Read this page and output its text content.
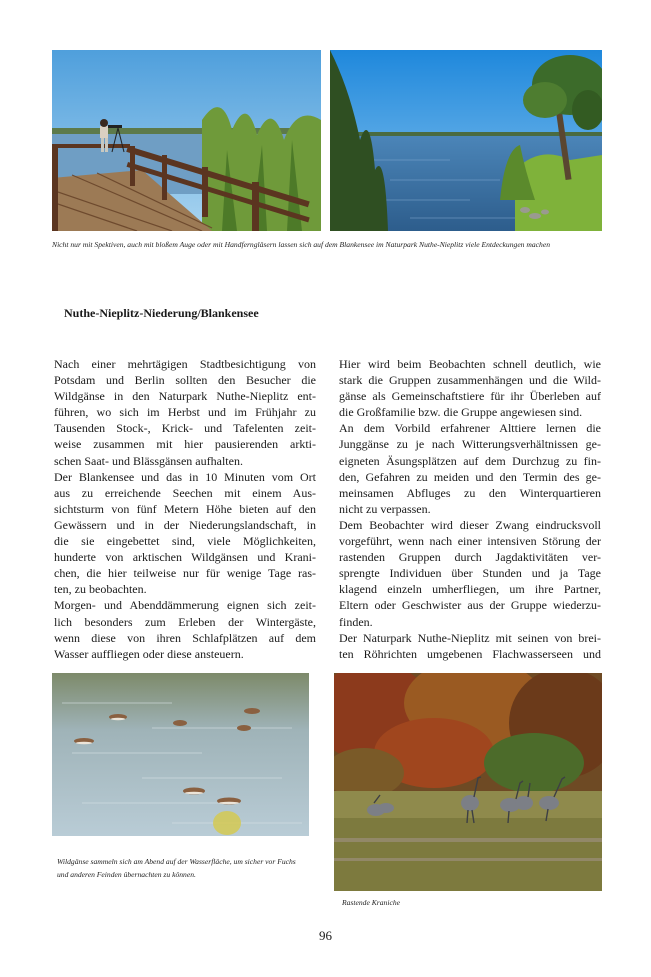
Nicht nur mit Spektiven, auch mit bloßem Auge oder mit Handferngläsern lassen sich auf dem Blankensee im Naturpark Nuthe-Nieplitz viele Entdeckungen machen
Nuthe-Nieplitz-Niederung/Blankensee

Nach einer mehrtägigen Stadtbesichtigung von

Potsdam und Berlin sollten den Besucher die

Wildgänse in den Naturpark Nuthe-Nieplitz ent-

führen, wo sich im Herbst und im Frühjahr zu

Tausenden Stock-, Krick- und Tafelenten zeit-

weise zusammen mit hier pausierenden arkti-

schen Saat- und Blässgänsen aufhalten.

Der Blankensee und das in 10 Minuten vom Ort

aus zu erreichende Seechen mit einem Aus-

sichtsturm von fünf Metern Höhe bieten auf den

Gewässern und in der Niederungslandschaft, in

die sie eingebettet sind, viele Möglichkeiten,

hunderte von arktischen Wildgänsen und Krani-

chen, die hier teilweise nur für wenige Tage ras-

ten, zu beobachten.

Morgen- und Abenddämmerung eignen sich zeit-

lich besonders zum Erleben der Wintergäste,

wenn diese von ihren Schlafplätzen auf dem

Wasser auffliegen oder diese ansteuern.

Hier wird beim Beobachten schnell deutlich, wie

stark die Gruppen zusammenhängen und die Wild-

gänse als Gemeinschaftstiere für ihr Überleben auf

die Großfamilie bzw. die Gruppe angewiesen sind.

An dem Vorbild erfahrener Alttiere lernen die

Junggänse zu je nach Witterungsverhältnissen ge-

eigneten Äsungsplätzen auf dem Durchzug zu fin-

den, Gefahren zu meiden und den Termin des ge-

meinsamen Abfluges zu den Winterquartieren

nicht zu verpassen.

Dem Beobachter wird dieser Zwang eindrucksvoll

vorgeführt, wenn nach einer intensiven Störung der

rastenden Gruppen durch Jagdaktivitäten ver-

sprengte Individuen über Stunden und ja Tage

klagend einzeln umherfliegen, um ihre Partner,

Eltern oder Geschwister aus der Gruppe wiederzu-

finden.

Der Naturpark Nuthe-Nieplitz mit seinen von brei-

ten Röhrichten umgebenen Flachwasserseen und

Wildgänse sammeln sich am Abend auf der Wasserfläche, um sicher vor Fuchs und anderen Feinden übernachten zu können.
Rastende Kraniche
96
